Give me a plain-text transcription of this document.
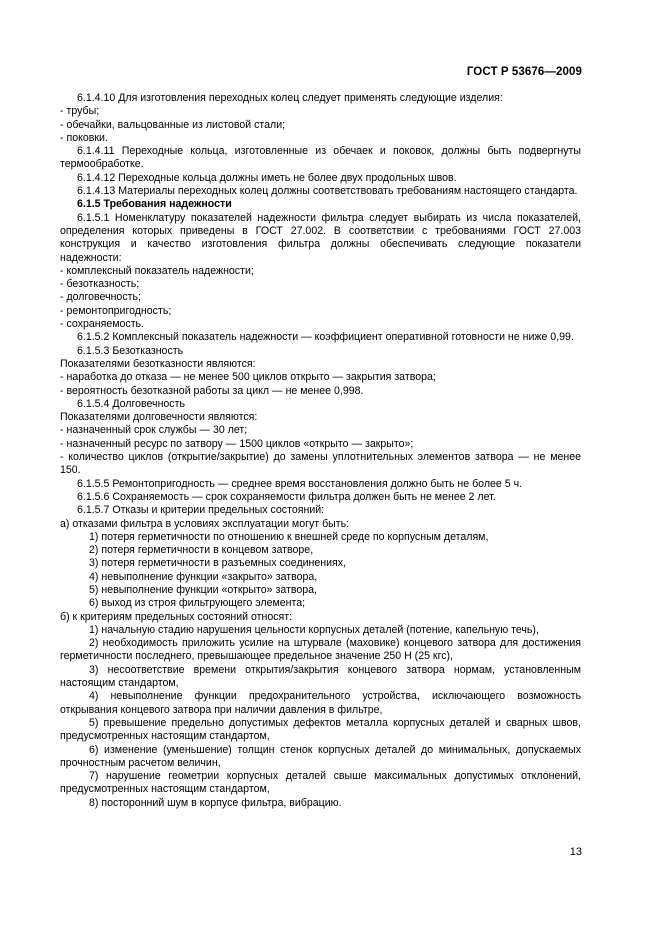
ГОСТ Р 53676—2009

6.1.4.10 Для изготовления переходных колец следует применять следующие изделия:

- трубы;

- обечайки, вальцованные из листовой стали;

- поковки.

6.1.4.11 Переходные кольца, изготовленные из обечаек и поковок, должны быть подвергнуты термообработке.

6.1.4.12 Переходные кольца должны иметь не более двух продольных швов.

6.1.4.13 Материалы переходных колец должны соответствовать требованиям настоящего стандарта.

6.1.5 Требования надежности

6.1.5.1 Номенклатуру показателей надежности фильтра следует выбирать из числа показателей, определения которых приведены в ГОСТ 27.002. В соответствии с требованиями ГОСТ 27.003 конструкция и качество изготовления фильтра должны обеспечивать следующие показатели надежности:

- комплексный показатель надежности;

- безотказность;

- долговечность;

- ремонтопригодность;

- сохраняемость.

6.1.5.2 Комплексный показатель надежности — коэффициент оперативной готовности не ниже 0,99.

6.1.5.3 Безотказность

Показателями безотказности являются:

- наработка до отказа — не менее 500 циклов открыто — закрытия затвора;

- вероятность безотказной работы за цикл — не менее 0,998.

6.1.5.4 Долговечность

Показателями долговечности являются:

- назначенный срок службы — 30 лет;

- назначенный ресурс по затвору — 1500 циклов «открыто — закрыто»;

- количество циклов (открытие/закрытие) до замены уплотнительных элементов затвора — не менее 150.

6.1.5.5 Ремонтопригодность — среднее время восстановления должно быть не более 5 ч.

6.1.5.6 Сохраняемость — срок сохраняемости фильтра должен быть не менее 2 лет.

6.1.5.7 Отказы и критерии предельных состояний:

а) отказами фильтра в условиях эксплуатации могут быть:

1) потеря герметичности по отношению к внешней среде по корпусным деталям,

2) потеря герметичности в концевом затворе,

3) потеря герметичности в разъемных соединениях,

4) невыполнение функции «закрыто» затвора,

5) невыполнение функции «открыто» затвора,

6) выход из строя фильтрующего элемента;

б) к критериям предельных состояний относят:

1) начальную стадию нарушения цельности корпусных деталей (потение, капельную течь),

2) необходимость приложить усилие на штурвале (маховике) концевого затвора для достижения герметичности последнего, превышающее предельное значение 250 Н (25 кгс),

3) несоответствие времени открытия/закрытия концевого затвора нормам, установленным настоящим стандартом,

4) невыполнение функции предохранительного устройства, исключающего возможность открывания концевого затвора при наличии давления в фильтре,

5) превышение предельно допустимых дефектов металла корпусных деталей и сварных швов, предусмотренных настоящим стандартом,

6) изменение (уменьшение) толщин стенок корпусных деталей до минимальных, допускаемых прочностным расчетом величин,

7) нарушение геометрии корпусных деталей свыше максимальных допустимых отклонений, предусмотренных настоящим стандартом,

8) посторонний шум в корпусе фильтра, вибрацию.

13
